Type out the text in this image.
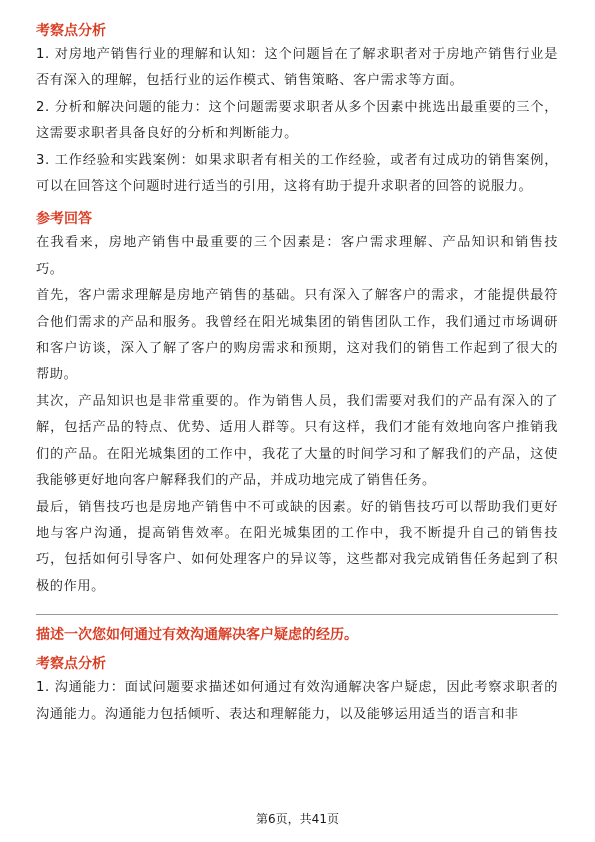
考察点分析

1. 对房地产销售行业的理解和认知：这个问题旨在了解求职者对于房地产销售行业是否有深入的理解，包括行业的运作模式、销售策略、客户需求等方面。

2. 分析和解决问题的能力：这个问题需要求职者从多个因素中挑选出最重要的三个，这需要求职者具备良好的分析和判断能力。

3. 工作经验和实践案例：如果求职者有相关的工作经验，或者有过成功的销售案例，可以在回答这个问题时进行适当的引用，这将有助于提升求职者的回答的说服力。

参考回答

在我看来，房地产销售中最重要的三个因素是：客户需求理解、产品知识和销售技巧。

首先，客户需求理解是房地产销售的基础。只有深入了解客户的需求，才能提供最符合他们需求的产品和服务。我曾经在阳光城集团的销售团队工作，我们通过市场调研和客户访谈，深入了解了客户的购房需求和预期，这对我们的销售工作起到了很大的帮助。

其次，产品知识也是非常重要的。作为销售人员，我们需要对我们的产品有深入的了解，包括产品的特点、优势、适用人群等。只有这样，我们才能有效地向客户推销我们的产品。在阳光城集团的工作中，我花了大量的时间学习和了解我们的产品，这使我能够更好地向客户解释我们的产品，并成功地完成了销售任务。

最后，销售技巧也是房地产销售中不可或缺的因素。好的销售技巧可以帮助我们更好地与客户沟通，提高销售效率。在阳光城集团的工作中，我不断提升自己的销售技巧，包括如何引导客户、如何处理客户的异议等，这些都对我完成销售任务起到了积极的作用。

描述一次您如何通过有效沟通解决客户疑虑的经历。
考察点分析

1. 沟通能力：面试问题要求描述如何通过有效沟通解决客户疑虑，因此考察求职者的沟通能力。沟通能力包括倾听、表达和理解能力，以及能够运用适当的语言和非

第6页，共41页
